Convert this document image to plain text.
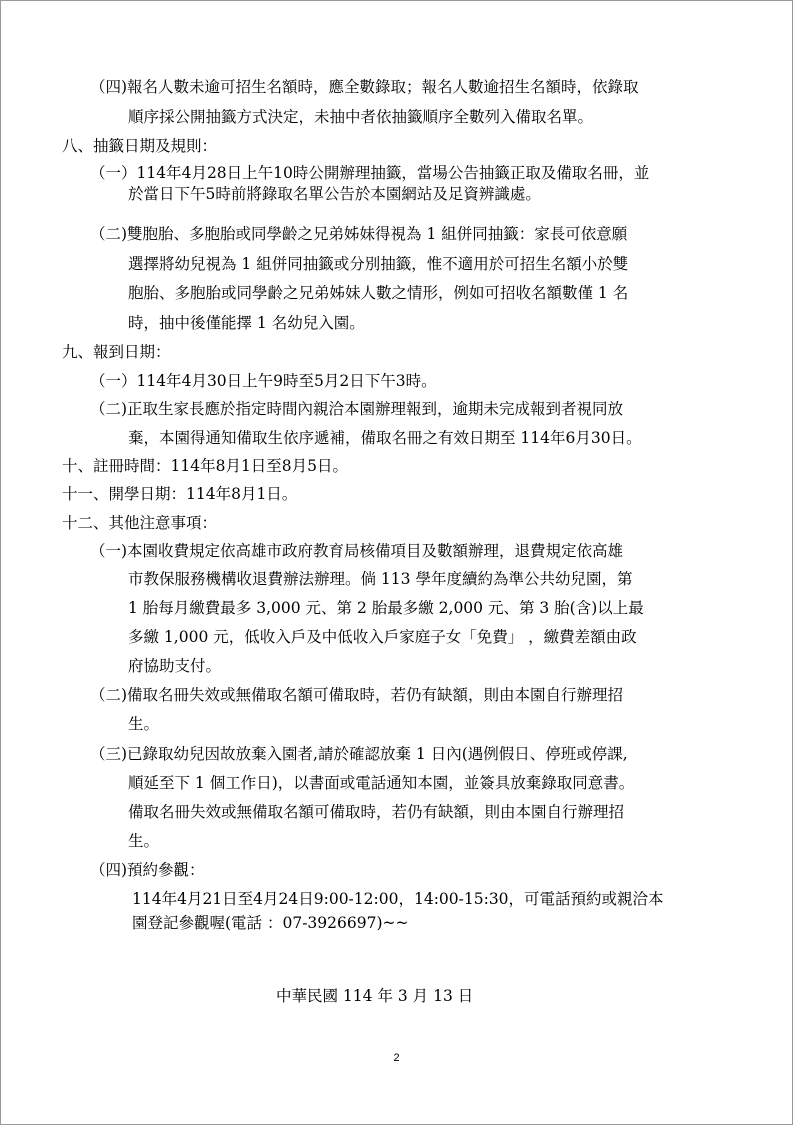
（四)報名人數未逾可招生名額時，應全數錄取；報名人數逾招生名額時，依錄取
順序採公開抽籤方式決定，未抽中者依抽籤順序全數列入備取名單。
八、抽籤日期及規則：
（一）114年4月28日上午10時公開辦理抽籤，當場公告抽籤正取及備取名冊，並
於當日下午5時前將錄取名單公告於本園網站及足資辨識處。
（二)雙胞胎、多胞胎或同學齡之兄弟姊妹得視為 1 組併同抽籤：家長可依意願
選擇將幼兒視為 1 組併同抽籤或分別抽籤，惟不適用於可招生名額小於雙
胞胎、多胞胎或同學齡之兄弟姊妹人數之情形，例如可招收名額數僅 1 名
時，抽中後僅能擇 1 名幼兒入園。
九、報到日期：
（一）114年4月30日上午9時至5月2日下午3時。
（二)正取生家長應於指定時間內親洽本園辦理報到，逾期未完成報到者視同放
棄，本園得通知備取生依序遞補，備取名冊之有效日期至 114年6月30日。
十、註冊時間：114年8月1日至8月5日。
十一、開學日期：114年8月1日。
十二、其他注意事項：
（一)本園收費規定依高雄市政府教育局核備項目及數額辦理，退費規定依高雄
市教保服務機構收退費辦法辦理。倘 113 學年度續約為準公共幼兒園，第
1 胎每月繳費最多 3,000 元、第 2 胎最多繳 2,000 元、第 3 胎(含)以上最
多繳 1,000 元，低收入戶及中低收入戶家庭子女「免費」 ，繳費差額由政
府協助支付。
（二)備取名冊失效或無備取名額可備取時，若仍有缺額，則由本園自行辦理招
生。
（三)已錄取幼兒因故放棄入園者,請於確認放棄 1 日內(遇例假日、停班或停課,
順延至下 1 個工作日)，以書面或電話通知本園，並簽具放棄錄取同意書。
備取名冊失效或無備取名額可備取時，若仍有缺額，則由本園自行辦理招
生。
（四)預約參觀：
114年4月21日至4月24日9:00-12:00，14:00-15:30，可電話預約或親洽本
園登記參觀喔(電話 ：07-3926697)~~
中華民國 114 年 3 月 13 日
2
